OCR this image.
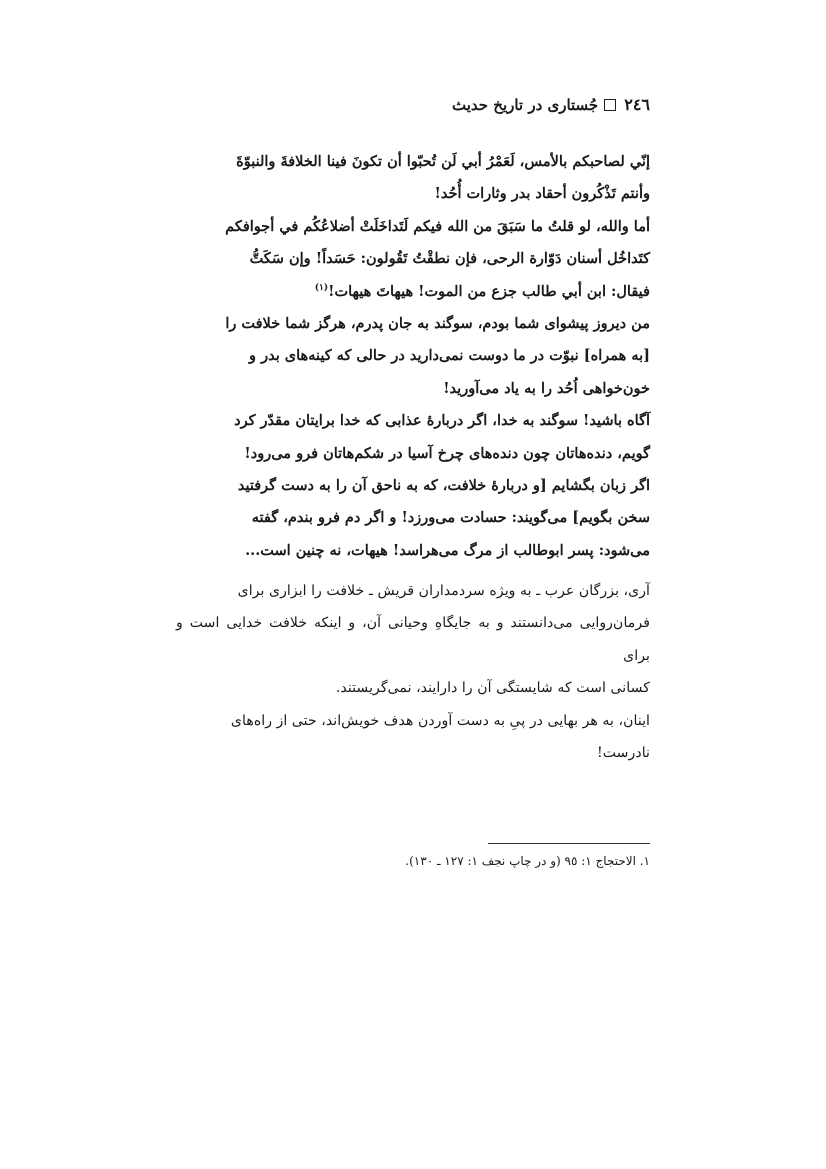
٢٤٦جُستاری در تاریخ حدیث

إنّي لصاحبكم بالأمس، لَعَمْرُ أبي لَن تُحبّوا أن تكونَ فينا الخلافةَ والنبوّةَ

وأنتم تَذْكُرون أحقاد بدر وثارات أُحُد!

أما والله، لو قلتُ ما سَبَقَ من الله فيكم لَتَداخَلَتْ أضلاعُكُم في أجوافكم

كتَداخُل أسنان دَوّارة الرحى، فإن نطقْتُ تَقُولون: حَسَداً! وإن سَكَتُّ

فيقال: ابن أبي طالب جزع من الموت! هيهاتَ هيهات!$^{(١)}$

من دیروز پیشوای شما بودم، سوگند به جان پدرم، هرگز شما خلافت را

[به همراه] نبوّت در ما دوست نمی‌دارید در حالی که کینه‌های بدر و

خون‌خواهی اُحُد را به یاد می‌آورید!

آگاه باشید! سوگند به خدا، اگر دربارهٔ عذابی که خدا برایتان مقدّر کرد

گویم، دنده‌هاتان چون دنده‌های چرخ آسیا در شکم‌هاتان فرو می‌رود!

اگر زبان بگشایم [و دربارهٔ خلافت، که به ناحق آن را به دست گرفتید

سخن بگویم] می‌گویند: حسادت می‌ورزد! و اگر دم فرو بندم، گفته

می‌شود: پسر ابوطالب از مرگ می‌هراسد! هیهات، نه چنین است...

آری، بزرگان عرب ـ به ویژه سردمداران قریش ـ خلافت را ابزاری برای

فرمان‌روایی می‌دانستند و به جایگاهِ وحیانی آن، و اینکه خلافت خدایی است و برای

کسانی است که شایستگی آن را دارایند، نمی‌گریستند.

اینان، به هر بهایی در پیِ به دست آوردن هدف خویش‌اند، حتی از راه‌های

نادرست!

١. الاحتجاج ١: ٩٥ (و در چاپ نجف ١: ١٢٧ ـ ١٣٠).
